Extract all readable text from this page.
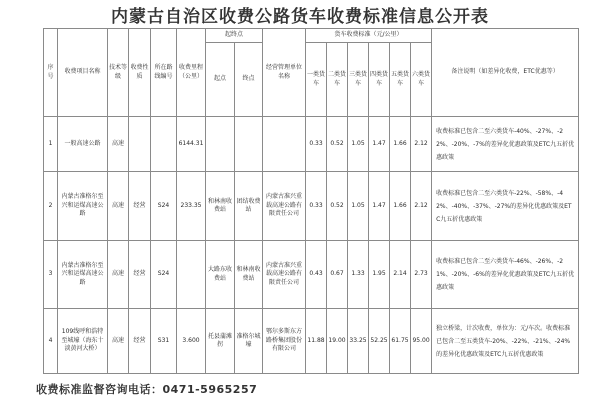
内蒙古自治区收费公路货车收费标准信息公开表
序号	收费项目名称	技术等级	收费性质	所在路线编号	收费里程（公里）	起终点		经营管理单位名称	货车收费标准（元/公里）						备注说明（如差异化收费，ETC优惠等）
						起点	终点		一类货车	二类货车	三类货车	四类货车	五类货车	六类货车	
1	一般高速公路	高速			6144.31				0.33	0.52	1.05	1.47	1.66	2.12	收费标准已包含二至六类货车-40%、-27%、-22%、-20%、-7%的差异化优惠政策及ETC九五折优惠政策
2	内蒙古准格尔至兴和运煤高速公路	高速	经营	S24	233.35	和林南收费站	团结收费站	内蒙古准兴重载高速公路有限责任公司	0.33	0.52	1.05	1.47	1.66	2.12	收费标准已包含二至六类货车-22%、-58%、-42%、-40%、-37%、-27%的差异化优惠政策及ETC九五折优惠政策
3	内蒙古准格尔至兴和运煤高速公路	高速	经营	S24		大路东收费站	和林南收费站	内蒙古准兴重载高速公路有限责任公司	0.43	0.67	1.33	1.95	2.14	2.73	收费标准已包含二至六类货车-46%、-26%、-21%、-20%、-6%的差异化优惠政策及ETC九五折优惠政策
4	109线呼和浩特至城壕（海东十淡黄河大桥）	高速	经营	S31	3.600	托县蒲滩拐	准格尔城壕	鄂尔多斯东方路桥集团股份有限公司	11.88	19.00	33.25	52.25	61.75	95.00	独立桥梁，计次收费，单位为：元/车次。收费标准已包含二至五类货车-20%、-22%、-21%、-24%的差异化优惠政策及ETC九五折优惠政策
收费标准监督咨询电话：0471-5965257
